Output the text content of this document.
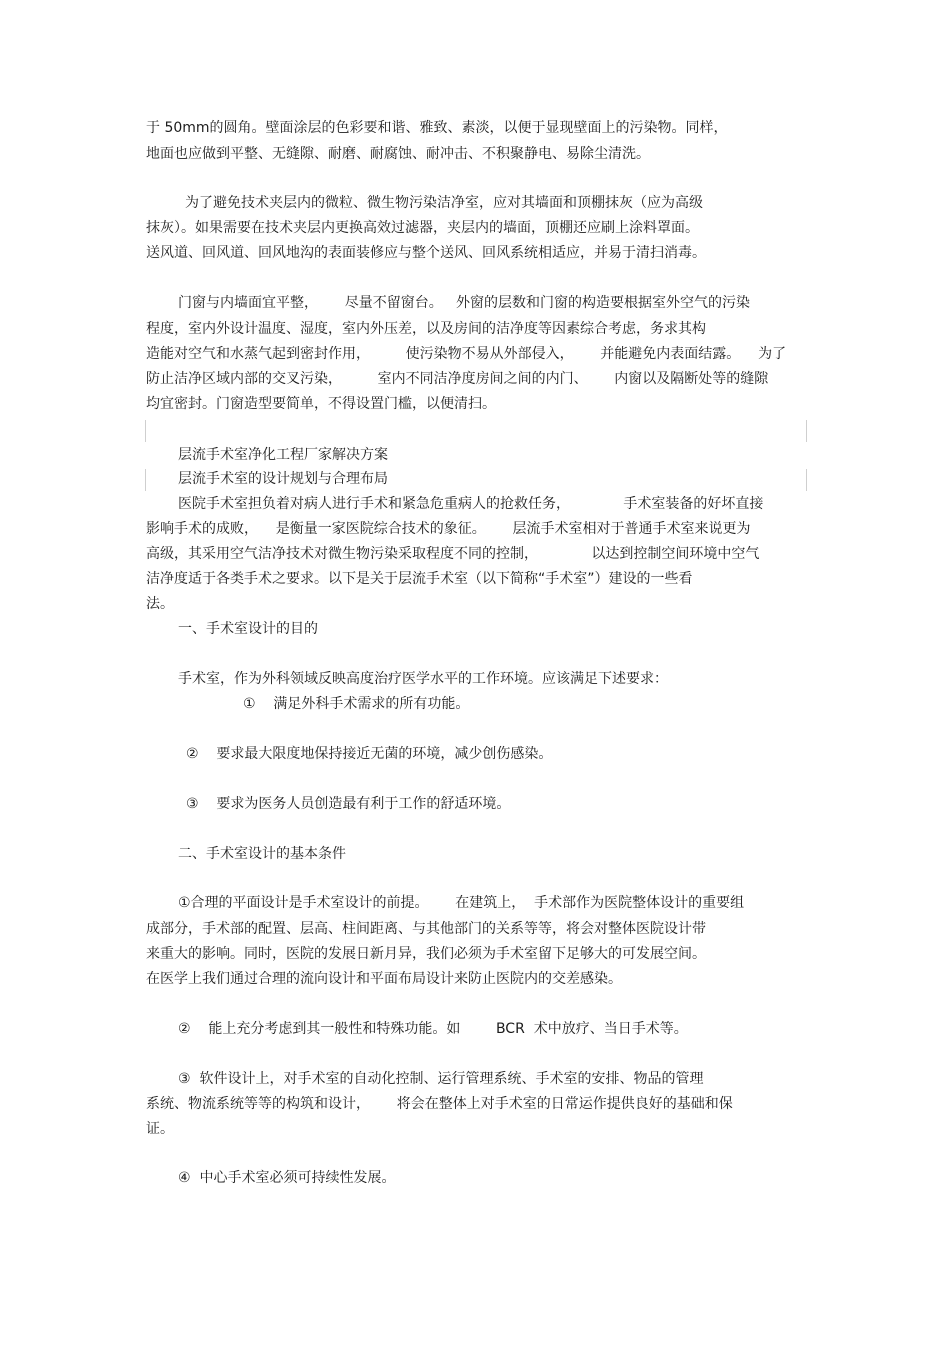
于 50mm的圆角。壁面涂层的色彩要和谐、雅致、素淡，以便于显现壁面上的污染物。同样，
地面也应做到平整、无缝隙、耐磨、耐腐蚀、耐冲击、不积聚静电、易除尘清洗。
为了避免技术夹层内的微粒、微生物污染洁净室，应对其墙面和顶棚抹灰（应为高级
抹灰）。如果需要在技术夹层内更换高效过滤器，夹层内的墙面，顶棚还应刷上涂料罩面。
送风道、回风道、回风地沟的表面装修应与整个送风、回风系统相适应，并易于清扫消毒。
门窗与内墙面宜平整，      尽量不留窗台。   外窗的层数和门窗的构造要根据室外空气的污染
程度，室内外设计温度、湿度，室内外压差，以及房间的洁净度等因素综合考虑，务求其构
造能对空气和水蒸气起到密封作用，        使污染物不易从外部侵入，      并能避免内表面结露。    为了
防止洁净区域内部的交叉污染，        室内不同洁净度房间之间的内门、      内窗以及隔断处等的缝隙
均宜密封。门窗造型要简单，不得设置门槛，以便清扫。
层流手术室净化工程厂家解决方案
层流手术室的设计规划与合理布局
医院手术室担负着对病人进行手术和紧急危重病人的抢救任务，            手术室装备的好坏直接
影响手术的成败，    是衡量一家医院综合技术的象征。      层流手术室相对于普通手术室来说更为
高级，其采用空气洁净技术对微生物污染采取程度不同的控制，            以达到控制空间环境中空气
洁净度适于各类手术之要求。以下是关于层流手术室（以下简称“手术室”）建设的一些看
法。
一、手术室设计的目的
手术室，作为外科领域反映高度治疗医学水平的工作环境。应该满足下述要求：
①    满足外科手术需求的所有功能。
②    要求最大限度地保持接近无菌的环境，减少创伤感染。
③    要求为医务人员创造最有利于工作的舒适环境。
二、手术室设计的基本条件
①合理的平面设计是手术室设计的前提。      在建筑上，  手术部作为医院整体设计的重要组
成部分，手术部的配置、层高、柱间距离、与其他部门的关系等等，将会对整体医院设计带
来重大的影响。同时，医院的发展日新月异，我们必须为手术室留下足够大的可发展空间。
在医学上我们通过合理的流向设计和平面布局设计来防止医院内的交差感染。
②    能上充分考虑到其一般性和特殊功能。如        BCR  术中放疗、当日手术等。
③  软件设计上，对手术室的自动化控制、运行管理系统、手术室的安排、物品的管理
系统、物流系统等等的构筑和设计，      将会在整体上对手术室的日常运作提供良好的基础和保
证。
④  中心手术室必须可持续性发展。
